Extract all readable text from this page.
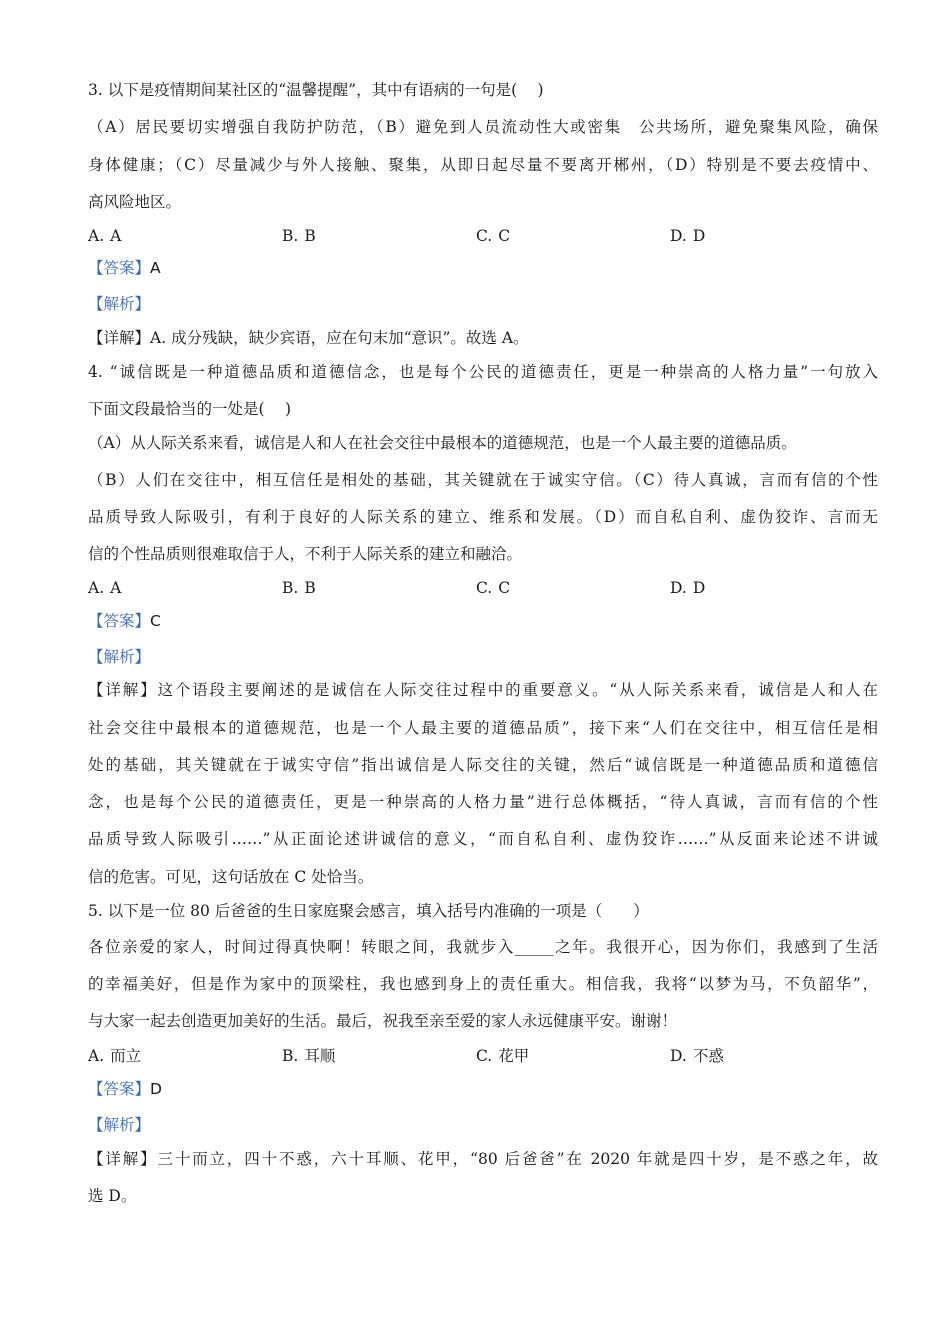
3. 以下是疫情期间某社区的“温馨提醒”，其中有语病的一句是(　 )
（A）居民要切实增强自我防护防范，（B）避免到人员流动性大或密集　公共场所，避免聚集风险，确保
身体健康；（C）尽量减少与外人接触、聚集，从即日起尽量不要离开郴州，（D）特别是不要去疫情中、
高风险地区。
A. A	B. B	C. C	D. D
【答案】A
【解析】
【详解】A. 成分残缺，缺少宾语，应在句末加“意识”。故选 A。
4. “诚信既是一种道德品质和道德信念，也是每个公民的道德责任，更是一种崇高的人格力量”一句放入
下面文段最恰当的一处是(　 )
（A）从人际关系来看，诚信是人和人在社会交往中最根本的道德规范，也是一个人最主要的道德品质。
（B）人们在交往中，相互信任是相处的基础，其关键就在于诚实守信。（C）待人真诚，言而有信的个性
品质导致人际吸引，有利于良好的人际关系的建立、维系和发展。（D）而自私自利、虚伪狡诈、言而无
信的个性品质则很难取信于人，不利于人际关系的建立和融洽。
A. A	B. B	C. C	D. D
【答案】C
【解析】
【详解】这个语段主要阐述的是诚信在人际交往过程中的重要意义。“从人际关系来看，诚信是人和人在
社会交往中最根本的道德规范，也是一个人最主要的道德品质”，接下来“人们在交往中，相互信任是相
处的基础，其关键就在于诚实守信”指出诚信是人际交往的关键，然后“诚信既是一种道德品质和道德信
念，也是每个公民的道德责任，更是一种崇高的人格力量”进行总体概括，“待人真诚，言而有信的个性
品质导致人际吸引……”从正面论述讲诚信的意义，“而自私自利、虚伪狡诈……”从反面来论述不讲诚
信的危害。可见，这句话放在 C 处恰当。
5. 以下是一位 80 后爸爸的生日家庭聚会感言，填入括号内准确的一项是（　　）
各位亲爱的家人，时间过得真快啊！转眼之间，我就步入_____之年。我很开心，因为你们，我感到了生活
的幸福美好，但是作为家中的顶梁柱，我也感到身上的责任重大。相信我，我将“以梦为马，不负韶华”，
与大家一起去创造更加美好的生活。最后，祝我至亲至爱的家人永远健康平安。谢谢！
A. 而立	B. 耳顺	C. 花甲	D. 不惑
【答案】D
【解析】
【详解】三十而立，四十不惑，六十耳顺、花甲，“80 后爸爸”在 2020 年就是四十岁，是不惑之年，故
选 D。
